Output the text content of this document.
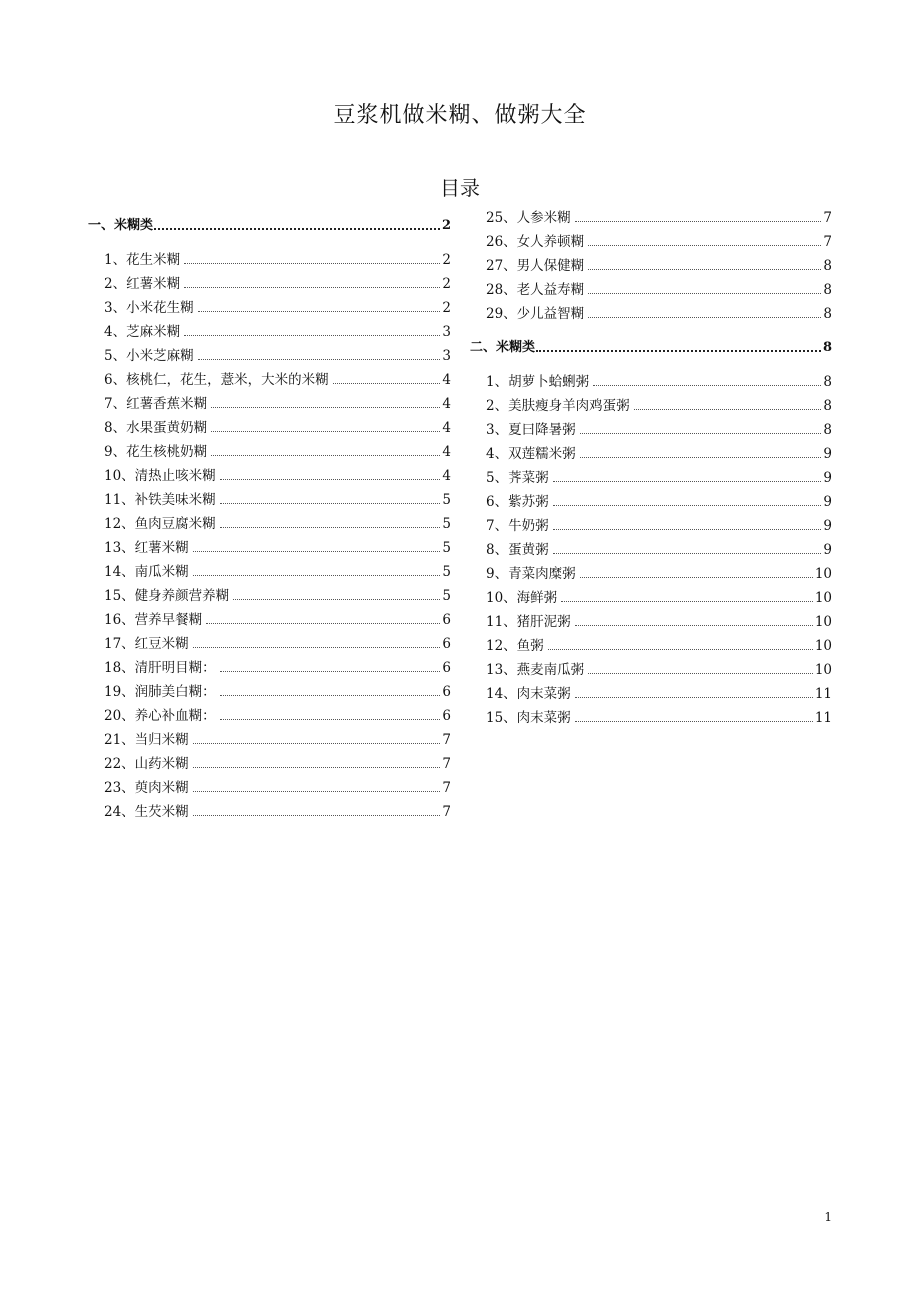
豆浆机做米糊、做粥大全
目录
一、米糊类	2
1、花生米糊	2
2、红薯米糊	2
3、小米花生糊	2
4、芝麻米糊	3
5、小米芝麻糊	3
6、核桃仁，花生，薏米，大米的米糊	4
7、红薯香蕉米糊	4
8、水果蛋黄奶糊	4
9、花生核桃奶糊	4
10、清热止咳米糊	4
11、补铁美味米糊	5
12、鱼肉豆腐米糊	5
13、红薯米糊	5
14、南瓜米糊	5
15、健身养颜营养糊	5
16、营养早餐糊	6
17、红豆米糊	6
18、清肝明目糊：	6
19、润肺美白糊：	6
20、养心补血糊：	6
21、当归米糊	7
22、山药米糊	7
23、萸肉米糊	7
24、生芡米糊	7
25、人参米糊	7
26、女人养顿糊	7
27、男人保健糊	8
28、老人益寿糊	8
29、少儿益智糊	8
二、米糊类	8
1、胡萝卜蛤蜊粥	8
2、美肤瘦身羊肉鸡蛋粥	8
3、夏曰降暑粥	8
4、双莲糯米粥	9
5、荠菜粥	9
6、紫苏粥	9
7、牛奶粥	9
8、蛋黄粥	9
9、青菜肉糜粥	10
10、海鲜粥	10
11、猪肝泥粥	10
12、鱼粥	10
13、燕麦南瓜粥	10
14、肉末菜粥	11
15、肉末菜粥	11
1
